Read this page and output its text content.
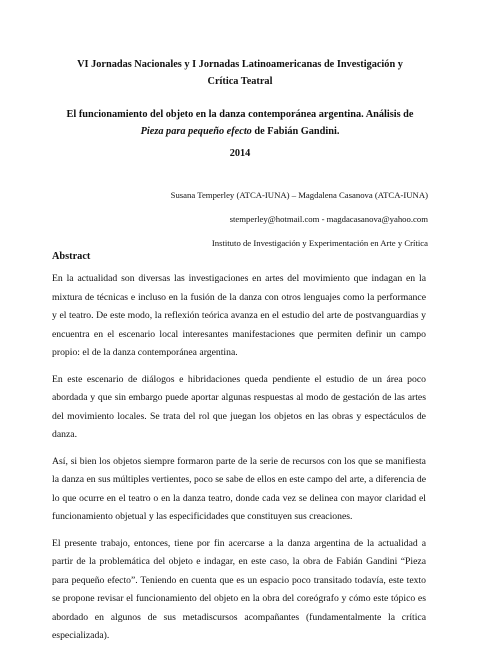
VI Jornadas Nacionales y I Jornadas Latinoamericanas de Investigación y Crítica Teatral
El funcionamiento del objeto en la danza contemporánea argentina. Análisis de Pieza para pequeño efecto de Fabián Gandini.
2014
Susana Temperley (ATCA-IUNA) – Magdalena Casanova (ATCA-IUNA)
stemperley@hotmail.com - magdacasanova@yahoo.com
Instituto de Investigación y Experimentación en Arte y Crítica
Abstract

En la actualidad son diversas las investigaciones en artes del movimiento que indagan en la mixtura de técnicas e incluso en la fusión de la danza con otros lenguajes como la performance y el teatro. De este modo, la reflexión teórica avanza en el estudio del arte de postvanguardias y encuentra en el escenario local interesantes manifestaciones que permiten definir un campo propio: el de la danza contemporánea argentina.

En este escenario de diálogos e hibridaciones queda pendiente el estudio de un área poco abordada y que sin embargo puede aportar algunas respuestas al modo de gestación de las artes del movimiento locales. Se trata del rol que juegan los objetos en las obras y espectáculos de danza.

Así, si bien los objetos siempre formaron parte de la serie de recursos con los que se manifiesta la danza en sus múltiples vertientes, poco se sabe de ellos en este campo del arte, a diferencia de lo que ocurre en el teatro o en la danza teatro, donde cada vez se delinea con mayor claridad el funcionamiento objetual y las especificidades que constituyen sus creaciones.

El presente trabajo, entonces, tiene por fin acercarse a la danza argentina de la actualidad a partir de la problemática del objeto e indagar, en este caso, la obra de Fabián Gandini “Pieza para pequeño efecto”. Teniendo en cuenta que es un espacio poco transitado todavía, este texto se propone revisar el funcionamiento del objeto en la obra del coreógrafo y cómo este tópico es abordado en algunos de sus metadiscursos acompañantes (fundamentalmente la crítica especializada).
